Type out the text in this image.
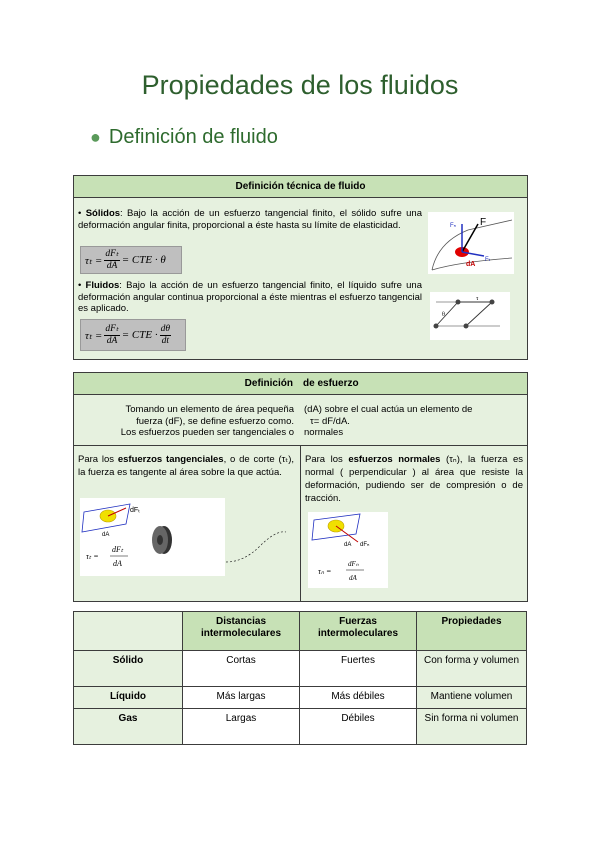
Propiedades de los fluidos
● Definición de fluido
Definición técnica de fluido
• Sólidos: Bajo la acción de un esfuerzo tangencial finito, el sólido sufre una deformación angular finita, proporcional a éste hasta su límite de elasticidad.
$\tau_t = \frac{\text{dFₜ}}{dA}$ = CTE · θ
• Fluidos: Bajo la acción de un esfuerzo tangencial finito, el líquido sufre una deformación angular continua proporcional a éste mientras el esfuerzo tangencial es aplicado.
$\tau_t = \frac{\text{dFₜ}}{dA}$ = CTE · $\frac{d\theta}{dt}$
F
Fₙ
Fₜ
dA
θ
τ
Definición de esfuerzo
Tomando un elemento de área pequeña
fuerza (dF), se define esfuerzo como.
Los esfuerzos pueden ser tangenciales o
(dA) sobre el cual actúa un elemento de
τ= dF/dA.
normales
Para los esfuerzos tangenciales, o de corte (τₜ), la fuerza es tangente al área sobre la que actúa.
Para los esfuerzos normales (τₙ), la fuerza es normal ( perpendicular ) al área que resiste la deformación, pudiendo ser de compresión o de tracción.
dFₜ
dA
τₜ =
dFₜ
dA
dFₙ
dA
τₙ =
dFₙ
dA
	Distancias intermoleculares	Fuerzas intermoleculares	Propiedades
Sólido	Cortas	Fuertes	Con forma y volumen
Líquido	Más largas	Más débiles	Mantiene volumen
Gas	Largas	Débiles	Sin forma ni volumen
